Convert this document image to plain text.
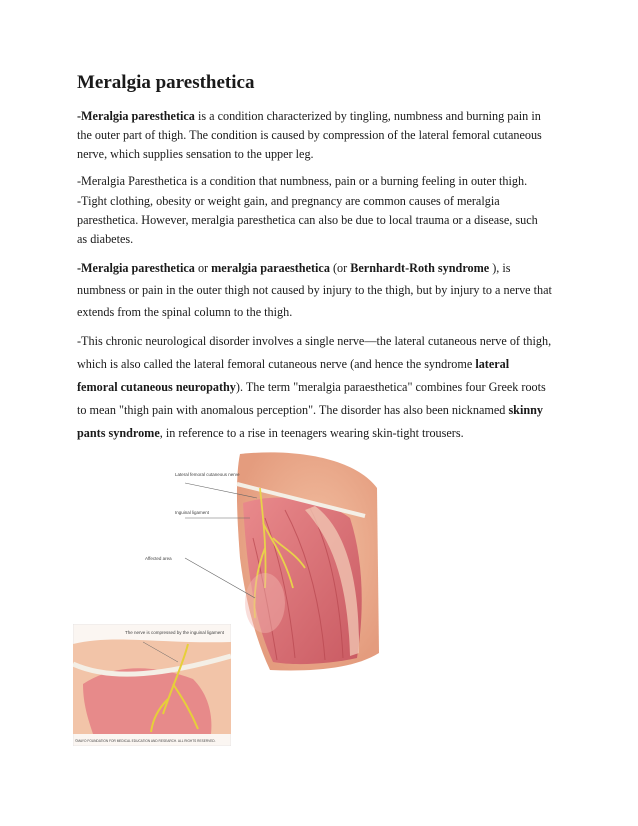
Meralgia paresthetica

-Meralgia paresthetica is a condition characterized by tingling, numbness and burning pain in
the outer part of thigh. The condition is caused by compression of the lateral femoral cutaneous
nerve, which supplies sensation to the upper leg.

-Meralgia Paresthetica is a condition that numbness, pain or a burning feeling in outer thigh.

-Tight clothing, obesity or weight gain, and pregnancy are common causes of meralgia
paresthetica. However, meralgia paresthetica can also be due to local trauma or a disease, such
as diabetes.

-Meralgia paresthetica or meralgia paraesthetica (or Bernhardt-Roth syndrome ), is
numbness or pain in the outer thigh not caused by injury to the thigh, but by injury to a nerve that
extends from the spinal column to the thigh.

-This chronic neurological disorder involves a single nerve—the lateral cutaneous nerve of thigh,
which is also called the lateral femoral cutaneous nerve (and hence the syndrome lateral
femoral cutaneous neuropathy). The term "meralgia paraesthetica" combines four Greek roots
to mean "thigh pain with anomalous perception". The disorder has also been nicknamed skinny
pants syndrome, in reference to a rise in teenagers wearing skin-tight trousers.

Lateral femoral cutaneous nerve
Inguinal ligament
Affected area
The nerve is compressed by the inguinal ligament
©MAYO FOUNDATION FOR MEDICAL EDUCATION AND RESEARCH. ALL RIGHTS RESERVED.
